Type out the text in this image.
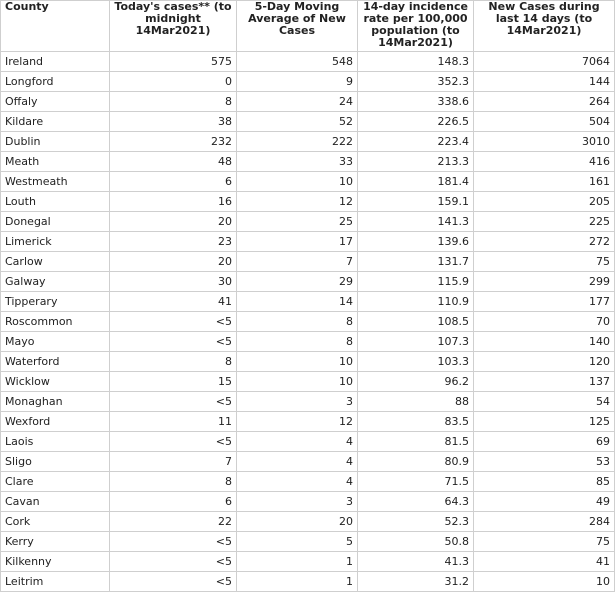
County	Today's cases** (to midnight 14Mar2021)	5-Day Moving Average of New Cases	14-day incidence rate per 100,000 population (to 14Mar2021)	New Cases during last 14 days (to 14Mar2021)
Ireland	575	548	148.3	7064
Longford	0	9	352.3	144
Offaly	8	24	338.6	264
Kildare	38	52	226.5	504
Dublin	232	222	223.4	3010
Meath	48	33	213.3	416
Westmeath	6	10	181.4	161
Louth	16	12	159.1	205
Donegal	20	25	141.3	225
Limerick	23	17	139.6	272
Carlow	20	7	131.7	75
Galway	30	29	115.9	299
Tipperary	41	14	110.9	177
Roscommon	<5	8	108.5	70
Mayo	<5	8	107.3	140
Waterford	8	10	103.3	120
Wicklow	15	10	96.2	137
Monaghan	<5	3	88	54
Wexford	11	12	83.5	125
Laois	<5	4	81.5	69
Sligo	7	4	80.9	53
Clare	8	4	71.5	85
Cavan	6	3	64.3	49
Cork	22	20	52.3	284
Kerry	<5	5	50.8	75
Kilkenny	<5	1	41.3	41
Leitrim	<5	1	31.2	10
